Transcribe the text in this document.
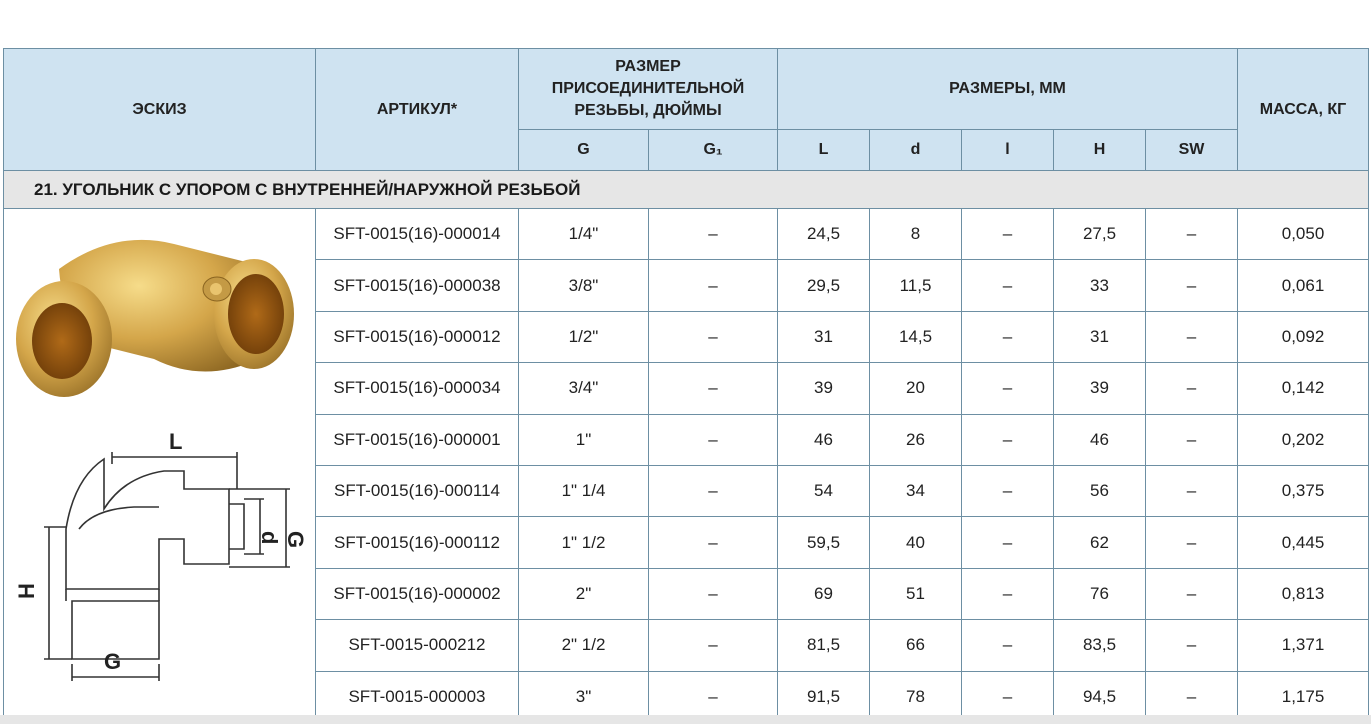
ЭСКИЗ	АРТИКУЛ*	РАЗМЕР ПРИСОЕДИНИТЕЛЬНОЙ РЕЗЬБЫ, ДЮЙМЫ		РАЗМЕРЫ, ММ					МАССА, КГ
		G	G₁	L	d	l	H	SW	
21. УГОЛЬНИК С УПОРОМ С ВНУТРЕННЕЙ/НАРУЖНОЙ РЕЗЬБОЙ									

L
d G
H
G	SFT-0015(16)-000014	1/4"	–	24,5	8	–	27,5	–	0,050
	SFT-0015(16)-000038	3/8"	–	29,5	11,5	–	33	–	0,061
	SFT-0015(16)-000012	1/2"	–	31	14,5	–	31	–	0,092
	SFT-0015(16)-000034	3/4"	–	39	20	–	39	–	0,142
	SFT-0015(16)-000001	1"	–	46	26	–	46	–	0,202
	SFT-0015(16)-000114	1" 1/4	–	54	34	–	56	–	0,375
	SFT-0015(16)-000112	1" 1/2	–	59,5	40	–	62	–	0,445
	SFT-0015(16)-000002	2"	–	69	51	–	76	–	0,813
	SFT-0015-000212	2" 1/2	–	81,5	66	–	83,5	–	1,371
	SFT-0015-000003	3"	–	91,5	78	–	94,5	–	1,175
